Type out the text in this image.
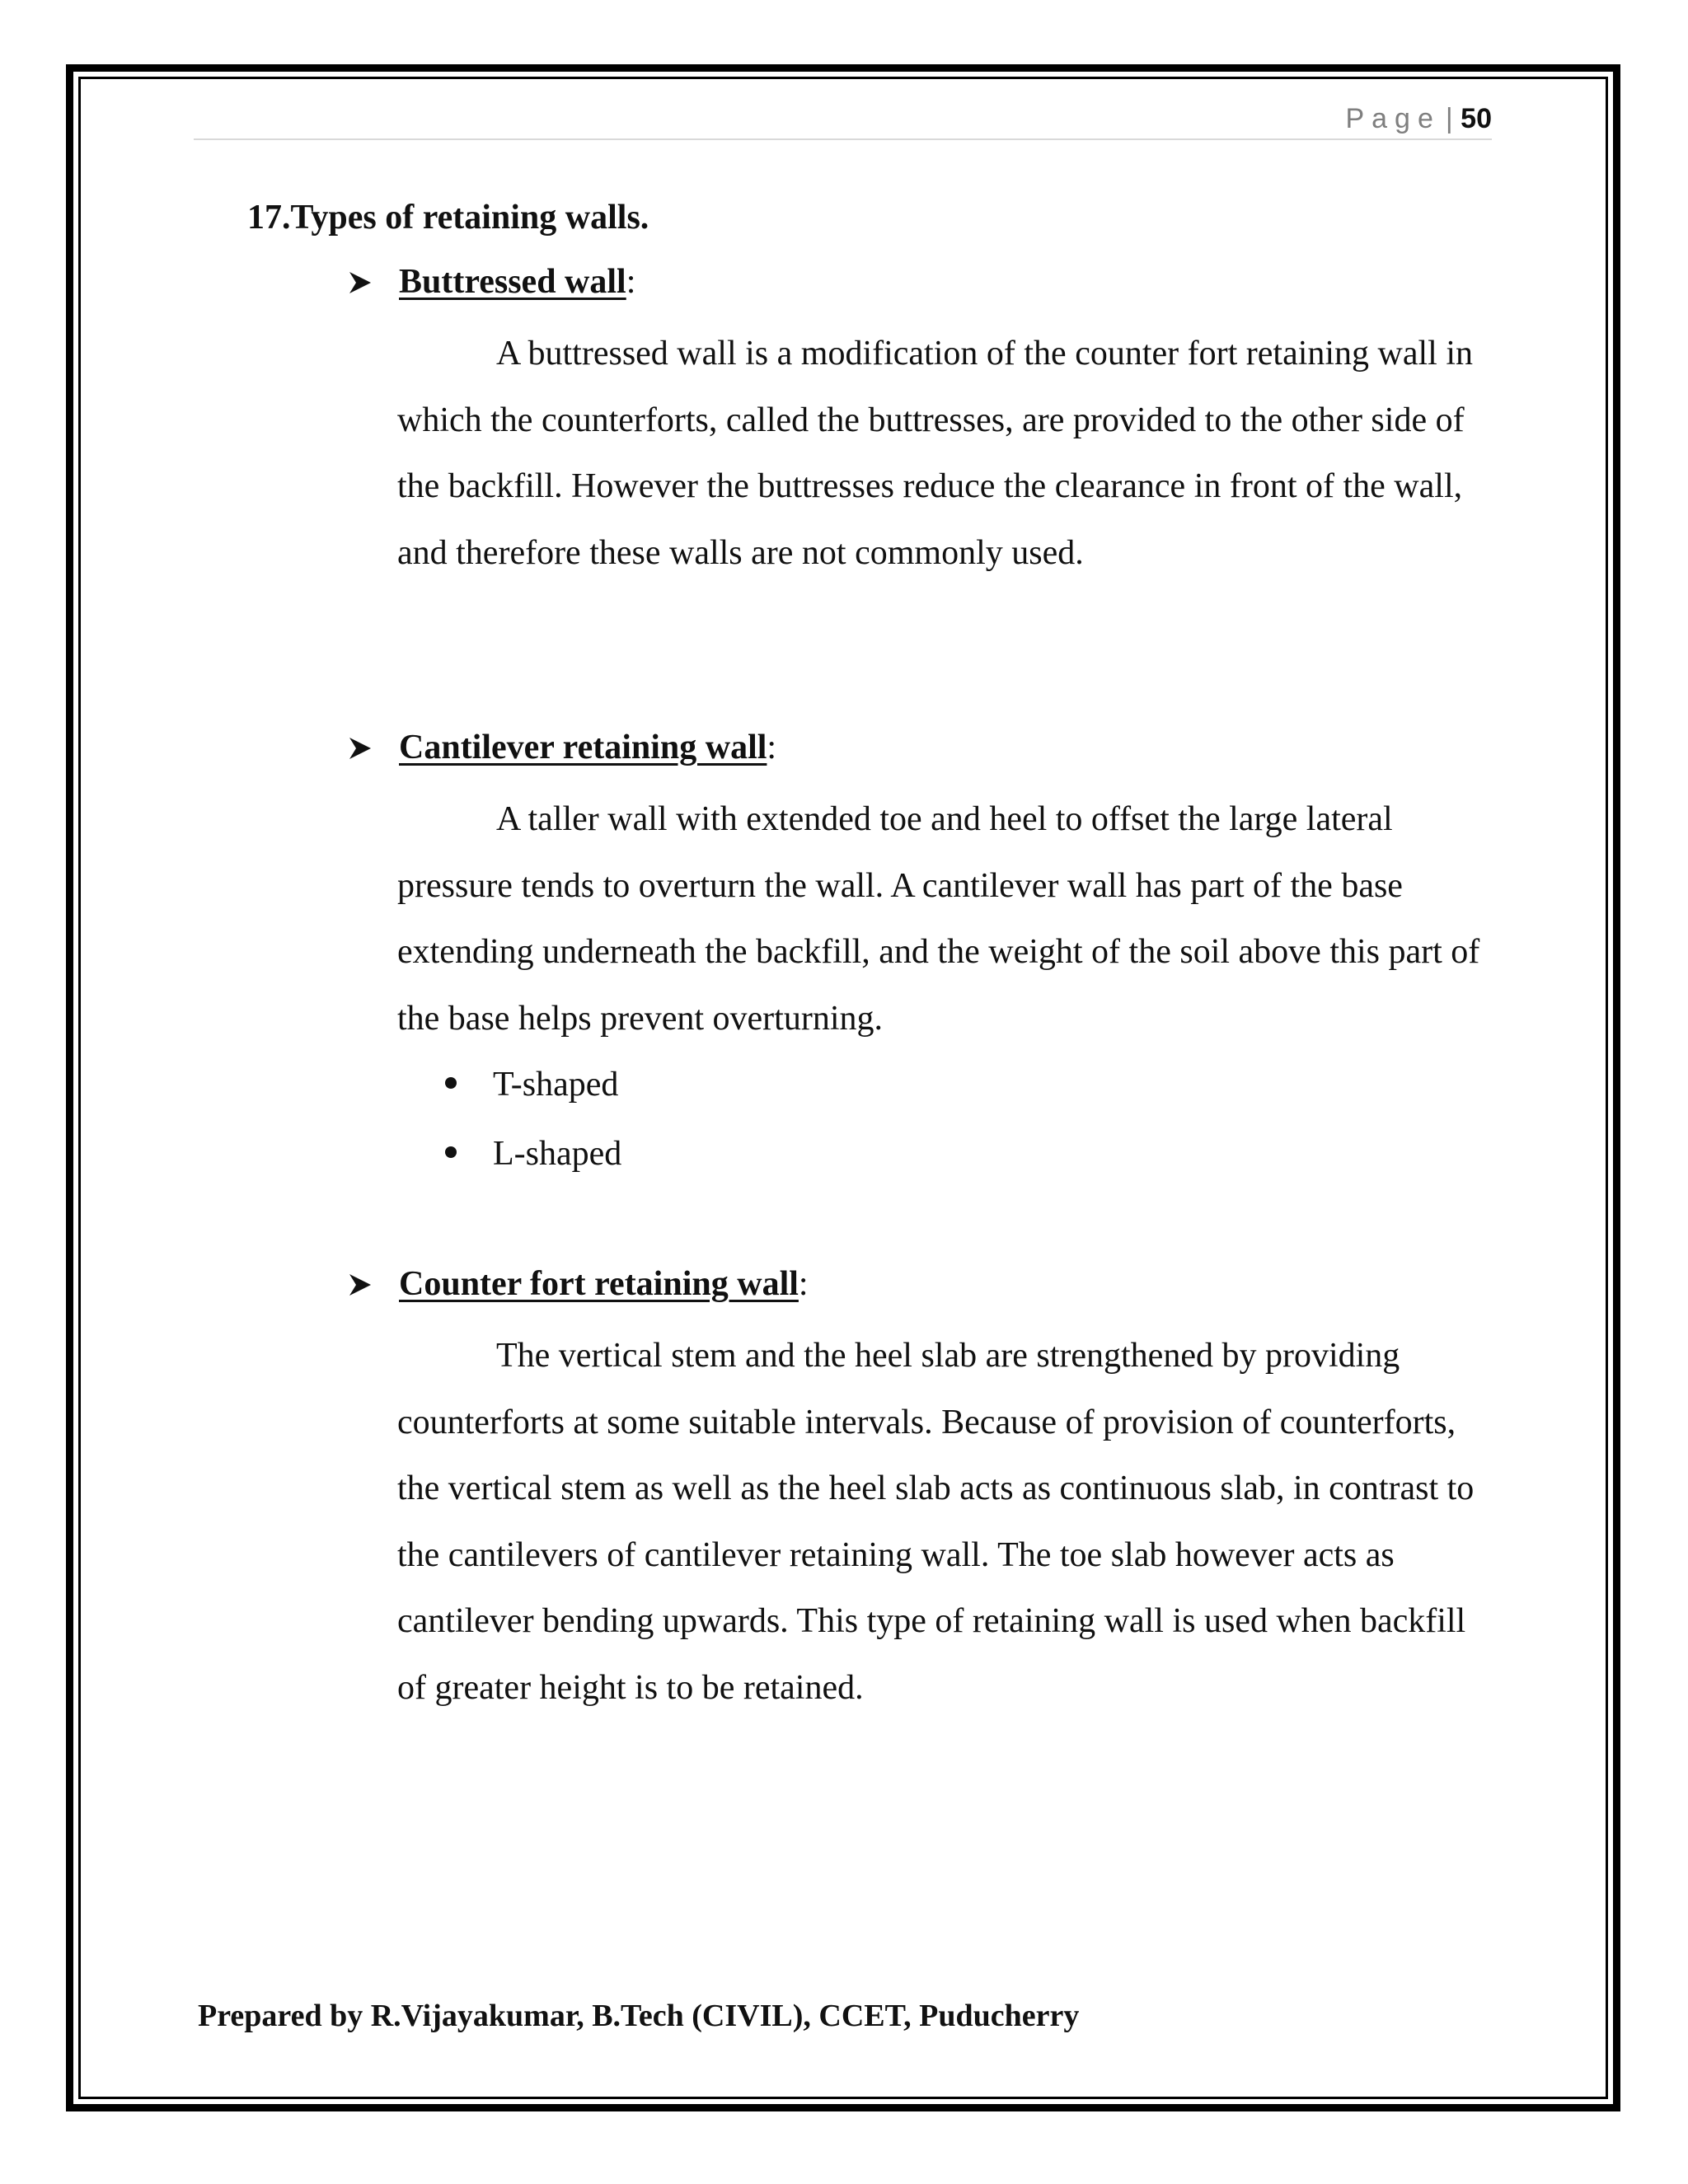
Page | 50
17.Types of retaining walls.
Buttressed wall:

A buttressed wall is a modification of the counter fort retaining wall in which the counterforts, called the buttresses, are provided to the other side of the backfill. However the buttresses reduce the clearance in front of the wall, and therefore these walls are not commonly used.

Cantilever retaining wall:

A taller wall with extended toe and heel to offset the large lateral pressure tends to overturn the wall. A cantilever wall has part of the base extending underneath the backfill, and the weight of the soil above this part of the base helps prevent overturning.

T-shaped
L-shaped
Counter fort retaining wall:

The vertical stem and the heel slab are strengthened by providing counterforts at some suitable intervals. Because of provision of counterforts, the vertical stem as well as the heel slab acts as continuous slab, in contrast to the cantilevers of cantilever retaining wall. The toe slab however acts as cantilever bending upwards. This type of retaining wall is used when backfill of greater height is to be retained.

Prepared by R.Vijayakumar, B.Tech (CIVIL), CCET, Puducherry
